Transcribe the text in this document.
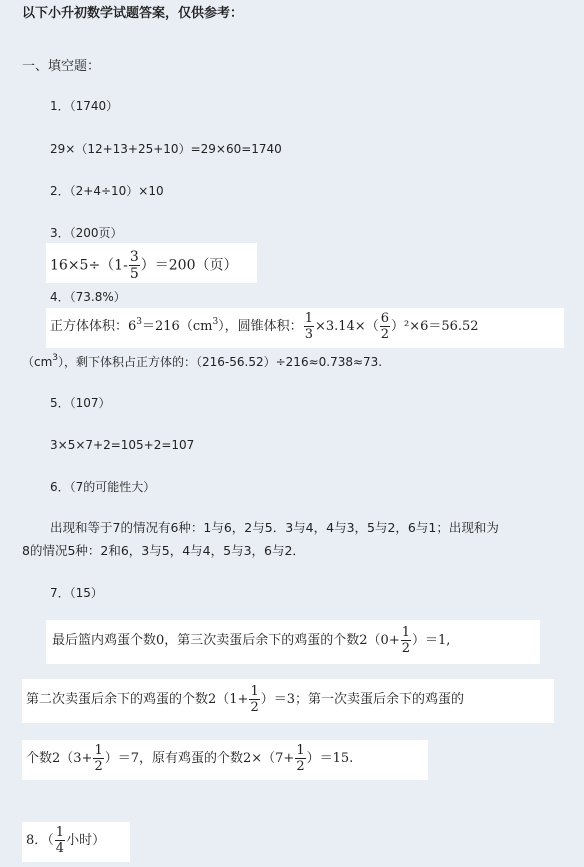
以下小升初数学试题答案，仅供参考：
一、填空题：
1．（1740）
29×（12+13+25+10）=29×60=1740
2．（2+4÷10）×10
3．（200页）
$16\times 5\div(1- \frac{3}{5} )=200$（页）
4．（73.8%）
正方体体积：$6^3=216(cm^3)$，圆锥体积： $\frac{1}{3} \times 3.14\times( \frac{6}{2} )^2\times 6=56.52$
$(cm^3)$，剩下体积占正方体的：（216-56.52）÷216≈0.738≈73.
5．（107）
3×5×7+2=105+2=107
6．（7的可能性大）
出现和等于7的情况有6种：1与6，2与5．3与4，4与3，5与2，6与1；出现和为
8的情况5种：2和6，3与5，4与4，5与3，6与2．
7．（15）
最后篮内鸡蛋个数0，第三次卖蛋后余下的鸡蛋的个数$2(0+ \frac{1}{2} )=1$,
第二次卖蛋后余下的鸡蛋的个数$2(1+ \frac{1}{2} )=3$；第一次卖蛋后余下的鸡蛋的
个数$2(3+ \frac{1}{2} )=7$，原有鸡蛋的个数$2\times(7+ \frac{1}{2} )=15$.
8．（ $\frac{1}{4}$ 小时）
